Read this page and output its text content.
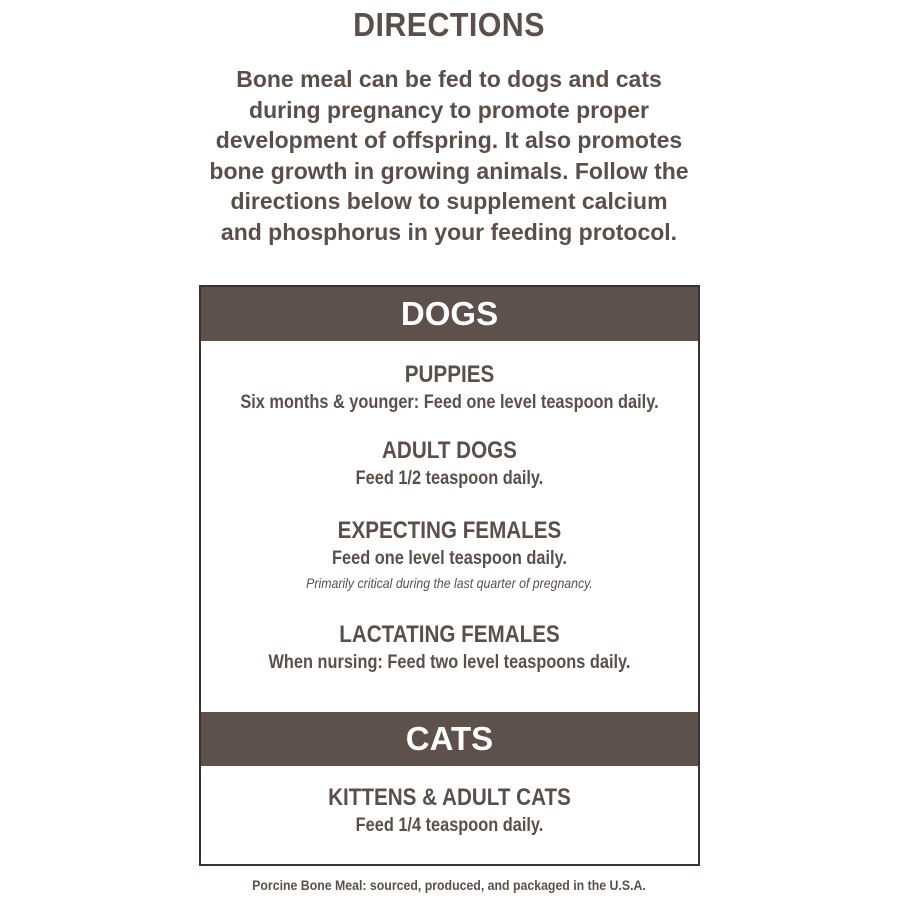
DIRECTIONS
Bone meal can be fed to dogs and cats
during pregnancy to promote proper
development of offspring. It also promotes
bone growth in growing animals. Follow the
directions below to supplement calcium
and phosphorus in your feeding protocol.
DOGS
PUPPIES
Six months & younger: Feed one level teaspoon daily.
ADULT DOGS
Feed 1/2 teaspoon daily.
EXPECTING FEMALES
Feed one level teaspoon daily.
Primarily critical during the last quarter of pregnancy.
LACTATING FEMALES
When nursing: Feed two level teaspoons daily.
CATS
KITTENS & ADULT CATS
Feed 1/4 teaspoon daily.
Porcine Bone Meal: sourced, produced, and packaged in the U.S.A.
